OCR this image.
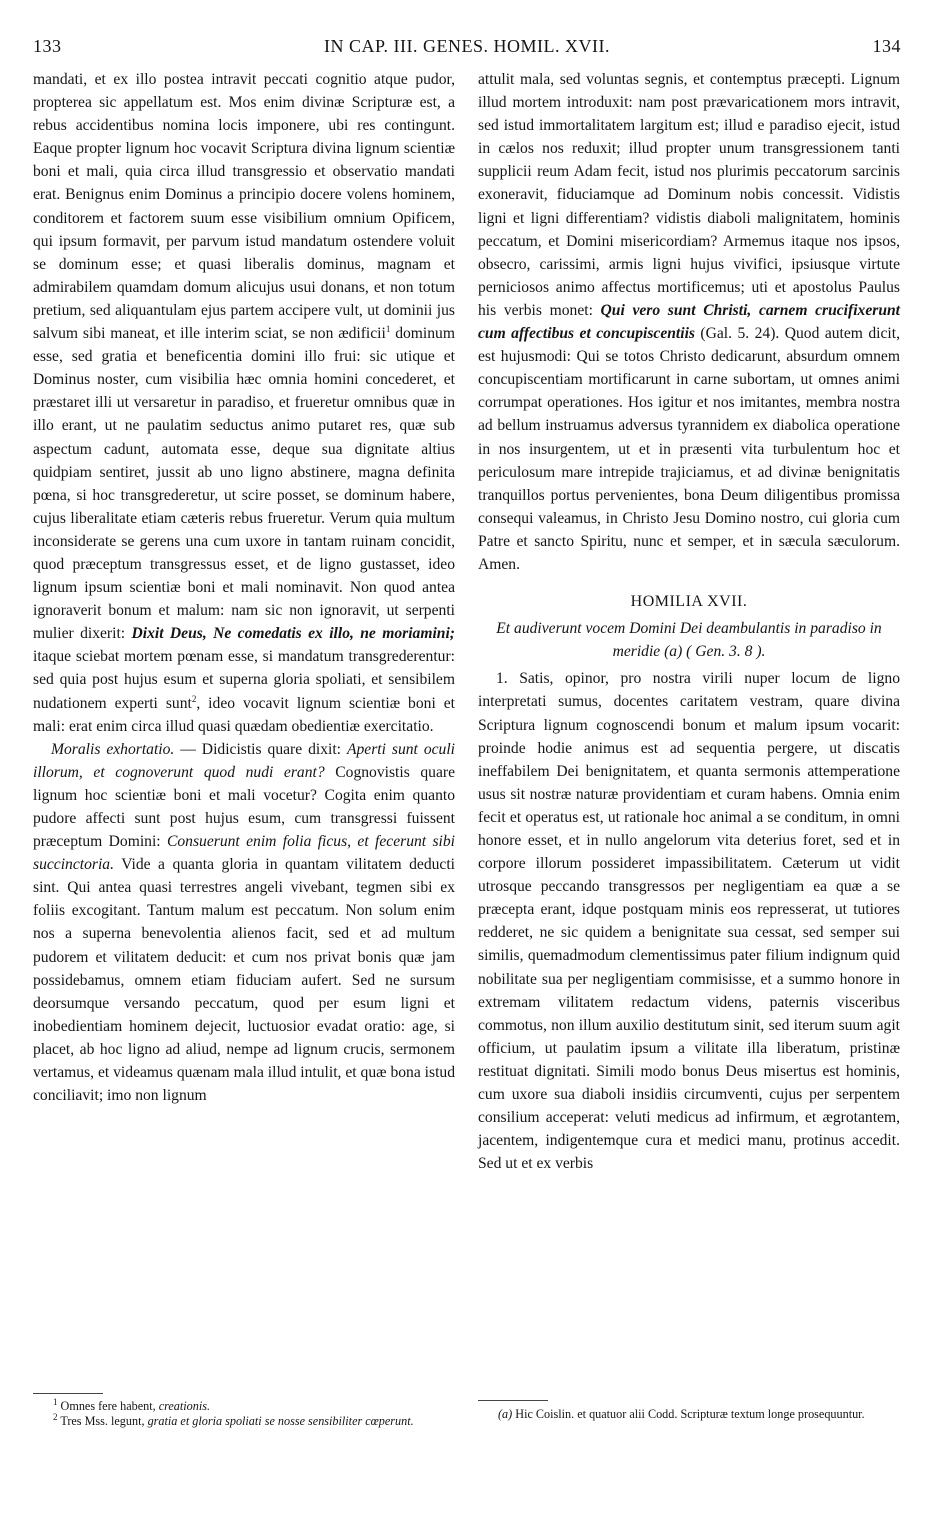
133	IN CAP. III. GENES. HOMIL. XVII.	134

mandati, et ex illo postea intravit peccati cognitio atque pudor, propterea sic appellatum est. Mos enim divinæ Scripturæ est, a rebus accidentibus nomina locis imponere, ubi res contingunt. Eaque propter lignum hoc vocavit Scriptura divina lignum scientiæ boni et mali, quia circa illud transgressio et observatio mandati erat. Benignus enim Dominus a principio docere volens hominem, conditorem et factorem suum esse visibilium omnium Opificem, qui ipsum formavit, per parvum istud mandatum ostendere voluit se dominum esse; et quasi liberalis dominus, magnam et admirabilem quamdam domum alicujus usui donans, et non totum pretium, sed aliquantulam ejus partem accipere vult, ut dominii jus salvum sibi maneat, et ille interim sciat, se non ædificii$^1$ dominum esse, sed gratia et beneficentia domini illo frui: sic utique et Dominus noster, cum visibilia hæc omnia homini concederet, et præstaret illi ut versaretur in paradiso, et frueretur omnibus quæ in illo erant, ut ne paulatim seductus animo putaret res, quæ sub aspectum cadunt, automata esse, deque sua dignitate altius quidpiam sentiret, jussit ab uno ligno abstinere, magna definita pœna, si hoc transgrederetur, ut scire posset, se dominum habere, cujus liberalitate etiam cæteris rebus frueretur. Verum quia multum inconsiderate se gerens una cum uxore in tantam ruinam concidit, quod præceptum transgressus esset, et de ligno gustasset, ideo lignum ipsum scientiæ boni et mali nominavit. Non quod antea ignoraverit bonum et malum: nam sic non ignoravit, ut serpenti mulier dixerit: Dixit Deus, Ne comedatis ex illo, ne moriamini; itaque sciebat mortem pœnam esse, si mandatum transgrederentur: sed quia post hujus esum et superna gloria spoliati, et sensibilem nudationem experti sunt$^2$, ideo vocavit lignum scientiæ boni et mali: erat enim circa illud quasi quædam obedientiæ exercitatio.

Moralis exhortatio. — Didicistis quare dixit: Aperti sunt oculi illorum, et cognoverunt quod nudi erant? Cognovistis quare lignum hoc scientiæ boni et mali vocetur? Cogita enim quanto pudore affecti sunt post hujus esum, cum transgressi fuissent præceptum Domini: Consuerunt enim folia ficus, et fecerunt sibi succinctoria. Vide a quanta gloria in quantam vilitatem deducti sint. Qui antea quasi terrestres angeli vivebant, tegmen sibi ex foliis excogitant. Tantum malum est peccatum. Non solum enim nos a superna benevolentia alienos facit, sed et ad multum pudorem et vilitatem deducit: et cum nos privat bonis quæ jam possidebamus, omnem etiam fiduciam aufert. Sed ne sursum deorsumque versando peccatum, quod per esum ligni et inobedientiam hominem dejecit, luctuosior evadat oratio: age, si placet, ab hoc ligno ad aliud, nempe ad lignum crucis, sermonem vertamus, et videamus quænam mala illud intulit, et quæ bona istud conciliavit; imo non lignum

attulit mala, sed voluntas segnis, et contemptus præcepti. Lignum illud mortem introduxit: nam post prævaricationem mors intravit, sed istud immortalitatem largitum est; illud e paradiso ejecit, istud in cælos nos reduxit; illud propter unum transgressionem tanti supplicii reum Adam fecit, istud nos plurimis peccatorum sarcinis exoneravit, fiduciamque ad Dominum nobis concessit. Vidistis ligni et ligni differentiam? vidistis diaboli malignitatem, hominis peccatum, et Domini misericordiam? Armemus itaque nos ipsos, obsecro, carissimi, armis ligni hujus vivifici, ipsiusque virtute perniciosos animo affectus mortificemus; uti et apostolus Paulus his verbis monet: Qui vero sunt Christi, carnem crucifixerunt cum affectibus et concupiscentiis (Gal. 5. 24). Quod autem dicit, est hujusmodi: Qui se totos Christo dedicarunt, absurdum omnem concupiscentiam mortificarunt in carne subortam, ut omnes animi corrumpat operationes. Hos igitur et nos imitantes, membra nostra ad bellum instruamus adversus tyrannidem ex diabolica operatione in nos insurgentem, ut et in præsenti vita turbulentum hoc et periculosum mare intrepide trajiciamus, et ad divinæ benignitatis tranquillos portus pervenientes, bona Deum diligentibus promissa consequi valeamus, in Christo Jesu Domino nostro, cui gloria cum Patre et sancto Spiritu, nunc et semper, et in sæcula sæculorum. Amen.

HOMILIA XVII.
Et audiverunt vocem Domini Dei deambulantis in paradiso in meridie (a) ( Gen. 3. 8 ).

1. Satis, opinor, pro nostra virili nuper locum de ligno interpretati sumus, docentes caritatem vestram, quare divina Scriptura lignum cognoscendi bonum et malum ipsum vocarit: proinde hodie animus est ad sequentia pergere, ut discatis ineffabilem Dei benignitatem, et quanta sermonis attemperatione usus sit nostræ naturæ providentiam et curam habens. Omnia enim fecit et operatus est, ut rationale hoc animal a se conditum, in omni honore esset, et in nullo angelorum vita deterius foret, sed et in corpore illorum possideret impassibilitatem. Cæterum ut vidit utrosque peccando transgressos per negligentiam ea quæ a se præcepta erant, idque postquam minis eos represserat, ut tutiores redderet, ne sic quidem a benignitate sua cessat, sed semper sui similis, quemadmodum clementissimus pater filium indignum quid nobilitate sua per negligentiam commisisse, et a summo honore in extremam vilitatem redactum videns, paternis visceribus commotus, non illum auxilio destitutum sinit, sed iterum suum agit officium, ut paulatim ipsum a vilitate illa liberatum, pristinæ restituat dignitati. Simili modo bonus Deus misertus est hominis, cum uxore sua diaboli insidiis circumventi, cujus per serpentem consilium acceperat: veluti medicus ad infirmum, et ægrotantem, jacentem, indigentemque cura et medici manu, protinus accedit. Sed ut et ex verbis

$^1$ Omnes fere habent, creationis.

$^2$ Tres Mss. legunt, gratia et gloria spoliati se nosse sensibiliter cœperunt.	(a) Hic Coislin. et quatuor alii Codd. Scripturæ textum longe prosequuntur.
